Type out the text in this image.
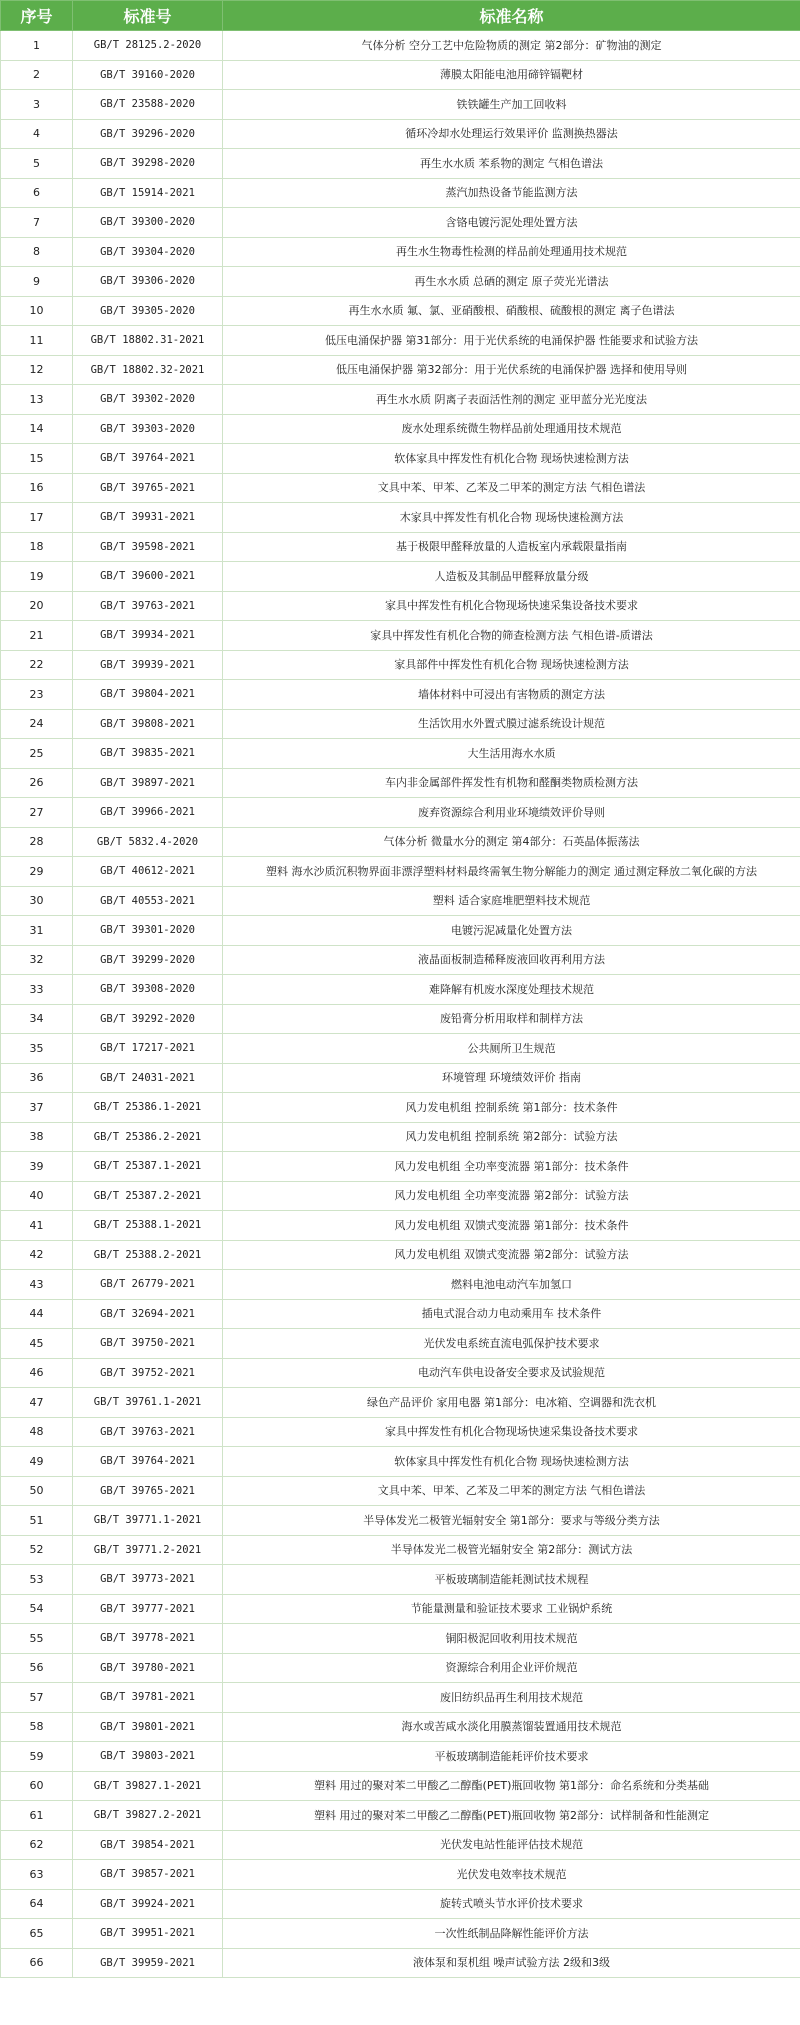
序号	标准号	标准名称
1	GB/T 28125.2-2020	气体分析 空分工艺中危险物质的测定 第2部分：矿物油的测定
2	GB/T 39160-2020	薄膜太阳能电池用碲锌镉靶材
3	GB/T 23588-2020	铁铁罐生产加工回收料
4	GB/T 39296-2020	循环冷却水处理运行效果评价 监测换热器法
5	GB/T 39298-2020	再生水水质 苯系物的测定 气相色谱法
6	GB/T 15914-2021	蒸汽加热设备节能监测方法
7	GB/T 39300-2020	含铬电镀污泥处理处置方法
8	GB/T 39304-2020	再生水生物毒性检测的样品前处理通用技术规范
9	GB/T 39306-2020	再生水水质 总硒的测定 原子荧光光谱法
10	GB/T 39305-2020	再生水水质 氟、氯、亚硝酸根、硝酸根、硫酸根的测定 离子色谱法
11	GB/T 18802.31-2021	低压电涌保护器 第31部分：用于光伏系统的电涌保护器 性能要求和试验方法
12	GB/T 18802.32-2021	低压电涌保护器 第32部分：用于光伏系统的电涌保护器 选择和使用导则
13	GB/T 39302-2020	再生水水质 阴离子表面活性剂的测定 亚甲蓝分光光度法
14	GB/T 39303-2020	废水处理系统微生物样品前处理通用技术规范
15	GB/T 39764-2021	软体家具中挥发性有机化合物 现场快速检测方法
16	GB/T 39765-2021	文具中苯、甲苯、乙苯及二甲苯的测定方法 气相色谱法
17	GB/T 39931-2021	木家具中挥发性有机化合物 现场快速检测方法
18	GB/T 39598-2021	基于极限甲醛释放量的人造板室内承载限量指南
19	GB/T 39600-2021	人造板及其制品甲醛释放量分级
20	GB/T 39763-2021	家具中挥发性有机化合物现场快速采集设备技术要求
21	GB/T 39934-2021	家具中挥发性有机化合物的筛查检测方法 气相色谱-质谱法
22	GB/T 39939-2021	家具部件中挥发性有机化合物 现场快速检测方法
23	GB/T 39804-2021	墙体材料中可浸出有害物质的测定方法
24	GB/T 39808-2021	生活饮用水外置式膜过滤系统设计规范
25	GB/T 39835-2021	大生活用海水水质
26	GB/T 39897-2021	车内非金属部件挥发性有机物和醛酮类物质检测方法
27	GB/T 39966-2021	废弃资源综合利用业环境绩效评价导则
28	GB/T 5832.4-2020	气体分析 微量水分的测定 第4部分：石英晶体振荡法
29	GB/T 40612-2021	塑料 海水沙质沉积物界面非漂浮塑料材料最终需氧生物分解能力的测定 通过测定释放二氧化碳的方法
30	GB/T 40553-2021	塑料 适合家庭堆肥塑料技术规范
31	GB/T 39301-2020	电镀污泥减量化处置方法
32	GB/T 39299-2020	液晶面板制造稀释废液回收再利用方法
33	GB/T 39308-2020	难降解有机废水深度处理技术规范
34	GB/T 39292-2020	废铅膏分析用取样和制样方法
35	GB/T 17217-2021	公共厕所卫生规范
36	GB/T 24031-2021	环境管理 环境绩效评价 指南
37	GB/T 25386.1-2021	风力发电机组 控制系统 第1部分：技术条件
38	GB/T 25386.2-2021	风力发电机组 控制系统 第2部分：试验方法
39	GB/T 25387.1-2021	风力发电机组 全功率变流器 第1部分：技术条件
40	GB/T 25387.2-2021	风力发电机组 全功率变流器 第2部分：试验方法
41	GB/T 25388.1-2021	风力发电机组 双馈式变流器 第1部分：技术条件
42	GB/T 25388.2-2021	风力发电机组 双馈式变流器 第2部分：试验方法
43	GB/T 26779-2021	燃料电池电动汽车加氢口
44	GB/T 32694-2021	插电式混合动力电动乘用车 技术条件
45	GB/T 39750-2021	光伏发电系统直流电弧保护技术要求
46	GB/T 39752-2021	电动汽车供电设备安全要求及试验规范
47	GB/T 39761.1-2021	绿色产品评价 家用电器 第1部分：电冰箱、空调器和洗衣机
48	GB/T 39763-2021	家具中挥发性有机化合物现场快速采集设备技术要求
49	GB/T 39764-2021	软体家具中挥发性有机化合物 现场快速检测方法
50	GB/T 39765-2021	文具中苯、甲苯、乙苯及二甲苯的测定方法 气相色谱法
51	GB/T 39771.1-2021	半导体发光二极管光辐射安全 第1部分：要求与等级分类方法
52	GB/T 39771.2-2021	半导体发光二极管光辐射安全 第2部分：测试方法
53	GB/T 39773-2021	平板玻璃制造能耗测试技术规程
54	GB/T 39777-2021	节能量测量和验证技术要求 工业锅炉系统
55	GB/T 39778-2021	铜阳极泥回收利用技术规范
56	GB/T 39780-2021	资源综合利用企业评价规范
57	GB/T 39781-2021	废旧纺织品再生利用技术规范
58	GB/T 39801-2021	海水或苦咸水淡化用膜蒸馏装置通用技术规范
59	GB/T 39803-2021	平板玻璃制造能耗评价技术要求
60	GB/T 39827.1-2021	塑料 用过的聚对苯二甲酸乙二醇酯(PET)瓶回收物 第1部分：命名系统和分类基础
61	GB/T 39827.2-2021	塑料 用过的聚对苯二甲酸乙二醇酯(PET)瓶回收物 第2部分：试样制备和性能测定
62	GB/T 39854-2021	光伏发电站性能评估技术规范
63	GB/T 39857-2021	光伏发电效率技术规范
64	GB/T 39924-2021	旋转式喷头节水评价技术要求
65	GB/T 39951-2021	一次性纸制品降解性能评价方法
66	GB/T 39959-2021	液体泵和泵机组 噪声试验方法 2级和3级
